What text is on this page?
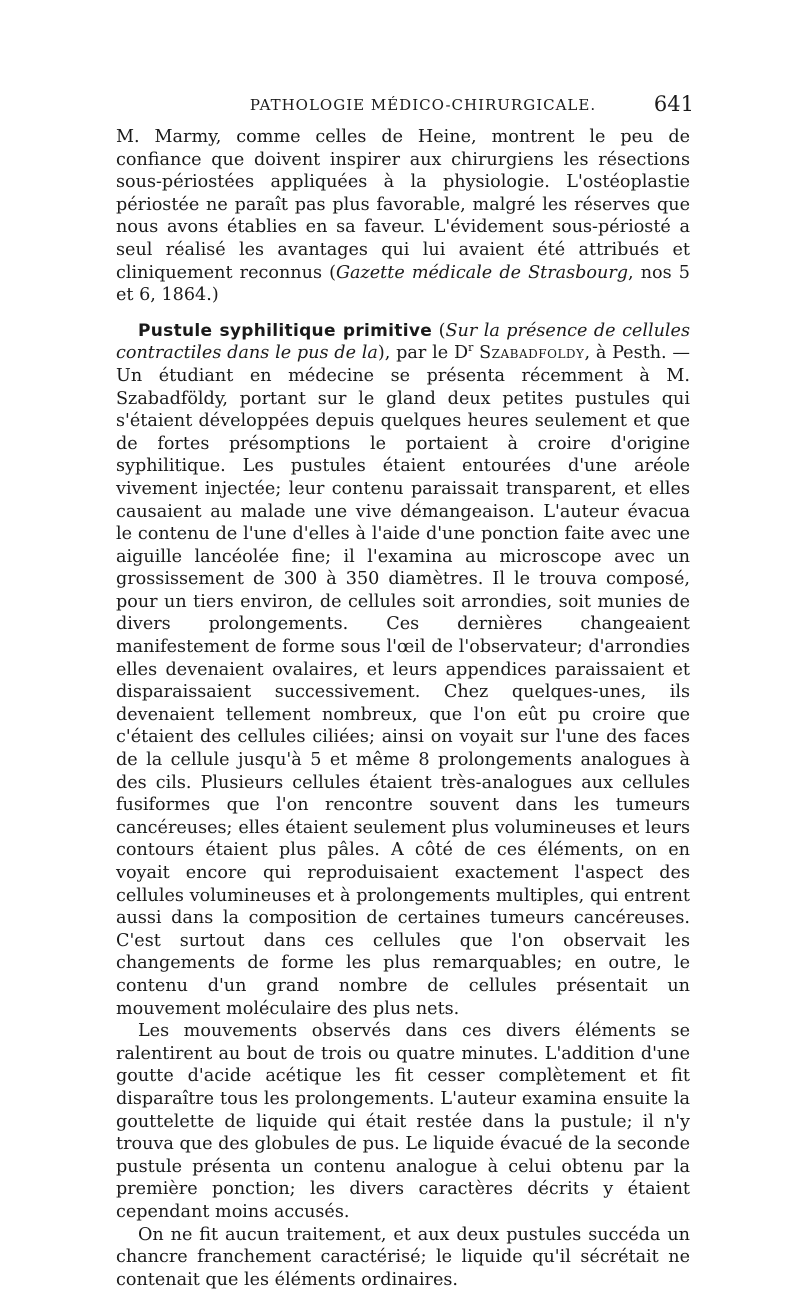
PATHOLOGIE MÉDICO-CHIRURGICALE.	641

M. Marmy, comme celles de Heine, montrent le peu de confiance que doivent inspirer aux chirurgiens les résections sous-périostées appliquées à la physiologie. L'ostéoplastie périostée ne paraît pas plus favorable, malgré les réserves que nous avons établies en sa faveur. L'évidement sous-périosté a seul réalisé les avantages qui lui avaient été attribués et cliniquement reconnus (Gazette médicale de Strasbourg, nos 5 et 6, 1864.)

Pustule syphilitique primitive (Sur la présence de cellules contractiles dans le pus de la), par le $D^r$ Szabadfoldy, à Pesth. — Un étudiant en médecine se présenta récemment à M. Szabadföldy, portant sur le gland deux petites pustules qui s'étaient développées depuis quelques heures seulement et que de fortes présomptions le portaient à croire d'origine syphilitique. Les pustules étaient entourées d'une aréole vivement injectée; leur contenu paraissait transparent, et elles causaient au malade une vive démangeaison. L'auteur évacua le contenu de l'une d'elles à l'aide d'une ponction faite avec une aiguille lancéolée fine; il l'examina au microscope avec un grossissement de 300 à 350 diamètres. Il le trouva composé, pour un tiers environ, de cellules soit arrondies, soit munies de divers prolongements. Ces dernières changeaient manifestement de forme sous l'œil de l'observateur; d'arrondies elles devenaient ovalaires, et leurs appendices paraissaient et disparaissaient successivement. Chez quelques-unes, ils devenaient tellement nombreux, que l'on eût pu croire que c'étaient des cellules ciliées; ainsi on voyait sur l'une des faces de la cellule jusqu'à 5 et même 8 prolongements analogues à des cils. Plusieurs cellules étaient très-analogues aux cellules fusiformes que l'on rencontre souvent dans les tumeurs cancéreuses; elles étaient seulement plus volumineuses et leurs contours étaient plus pâles. A côté de ces éléments, on en voyait encore qui reproduisaient exactement l'aspect des cellules volumineuses et à prolongements multiples, qui entrent aussi dans la composition de certaines tumeurs cancéreuses. C'est surtout dans ces cellules que l'on observait les changements de forme les plus remarquables; en outre, le contenu d'un grand nombre de cellules présentait un mouvement moléculaire des plus nets.

Les mouvements observés dans ces divers éléments se ralentirent au bout de trois ou quatre minutes. L'addition d'une goutte d'acide acétique les fit cesser complètement et fit disparaître tous les prolongements. L'auteur examina ensuite la gouttelette de liquide qui était restée dans la pustule; il n'y trouva que des globules de pus. Le liquide évacué de la seconde pustule présenta un contenu analogue à celui obtenu par la première ponction; les divers caractères décrits y étaient cependant moins accusés.

On ne fit aucun traitement, et aux deux pustules succéda un chancre franchement caractérisé; le liquide qu'il sécrétait ne contenait que les éléments ordinaires.
